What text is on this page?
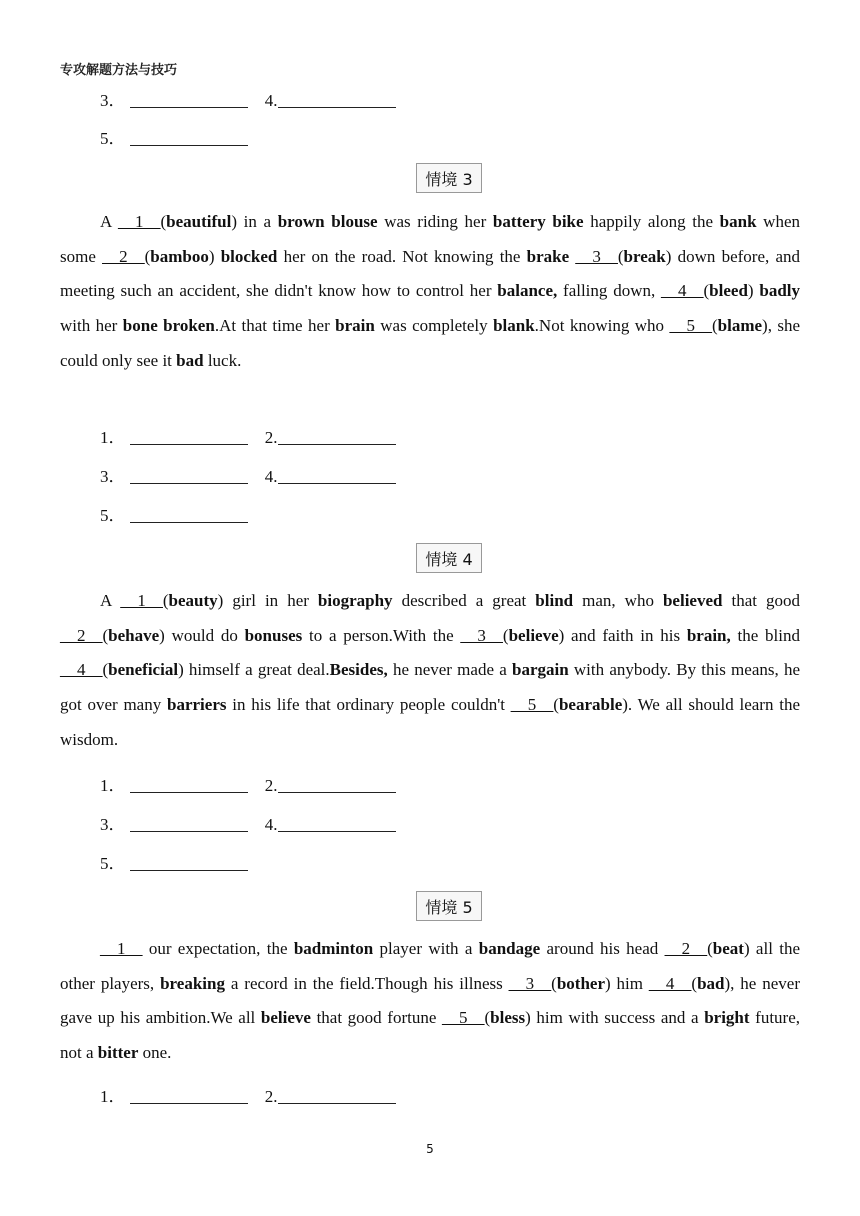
专攻解题方法与技巧
3．	4.
5．
情境 3
A __1__(beautiful) in a brown blouse was riding her battery bike happily along the bank when some __2__(bamboo) blocked her on the road. Not knowing the brake __3__(break) down before, and meeting such an accident, she didn't know how to control her balance, falling down, __4__(bleed) badly with her bone broken.At that time her brain was completely blank.Not knowing who __5__(blame), she could only see it bad luck.
1．	2.
3．	4.
5．
情境 4
A __1__(beauty) girl in her biography described a great blind man, who believed that good __2__(behave) would do bonuses to a person.With the __3__(believe) and faith in his brain, the blind __4__(beneficial) himself a great deal.Besides, he never made a bargain with anybody. By this means, he got over many barriers in his life that ordinary people couldn't __5__(bearable). We all should learn the wisdom.
1．	2.
3．	4.
5．
情境 5
__1__ our expectation, the badminton player with a bandage around his head __2__(beat) all the other players, breaking a record in the field.Though his illness __3__(bother) him __4__(bad), he never gave up his ambition.We all believe that good fortune __5__(bless) him with success and a bright future, not a bitter one.
1．	2.
5
